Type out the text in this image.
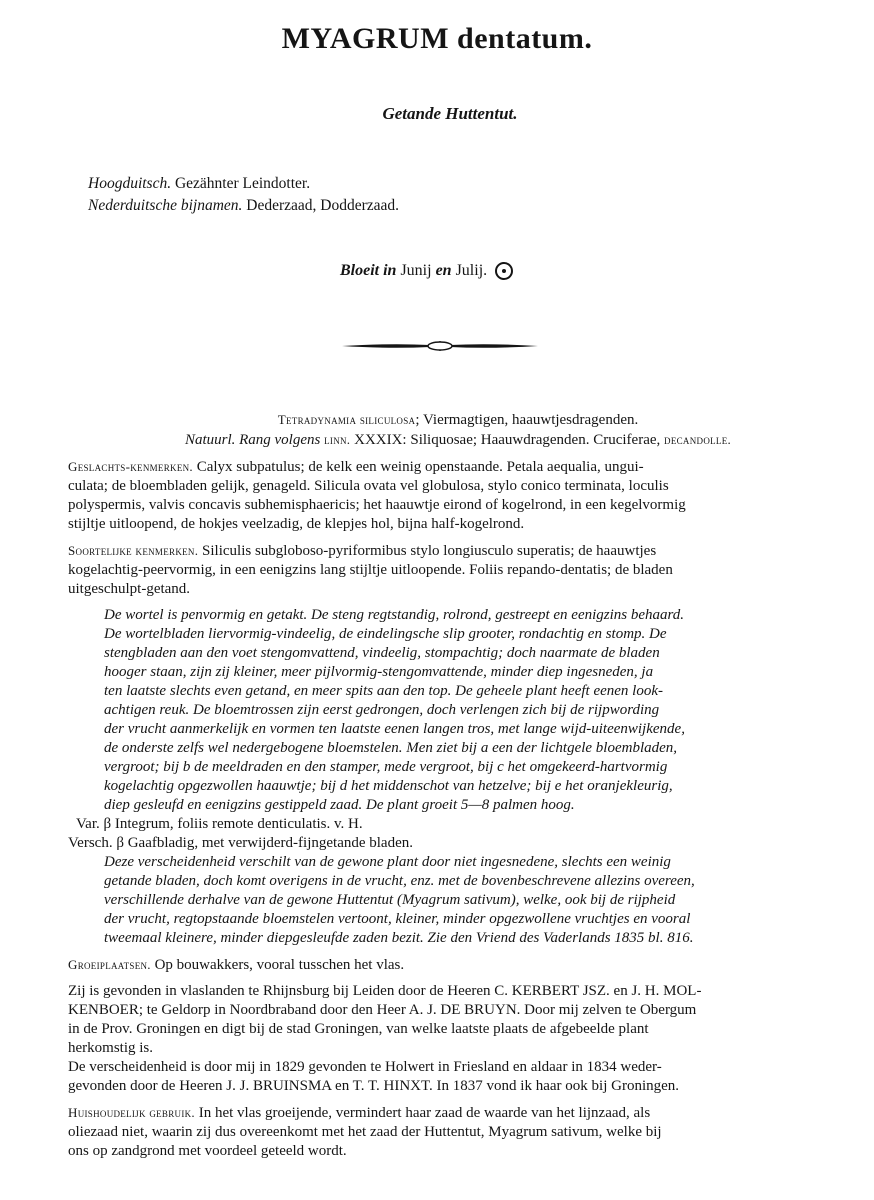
MYAGRUM dentatum.
Getande Huttentut.
Hoogduitsch. Gezähnter Leindotter.
Nederduitsche bijnamen. Dederzaad, Dodderzaad.
Bloeit in Junij en Julij.

Tetradynamia siliculosa; Viermagtigen, haauwtjesdragenden.

Natuurl. Rang volgens linn. XXXIX: Siliquosae; Haauwdragenden. Cruciferae, decandolle.

Geslachts-kenmerken. Calyx subpatulus; de kelk een weinig openstaande. Petala aequalia, ungui-
culata; de bloembladen gelijk, genageld. Silicula ovata vel globulosa, stylo conico terminata, loculis
polyspermis, valvis concavis subhemisphaericis; het haauwtje eirond of kogelrond, in een kegelvormig
stijltje uitloopend, de hokjes veelzadig, de klepjes hol, bijna half-kogelrond.

Soortelijke kenmerken. Siliculis subgloboso-pyriformibus stylo longiusculo superatis; de haauwtjes
kogelachtig-peervormig, in een eenigzins lang stijltje uitloopende. Foliis repando-dentatis; de bladen
uitgeschulpt-getand.

De wortel is penvormig en getakt. De steng regtstandig, rolrond, gestreept en eenigzins behaard.
De wortelbladen liervormig-vindeelig, de eindelingsche slip grooter, rondachtig en stomp. De
stengbladen aan den voet stengomvattend, vindeelig, stompachtig; doch naarmate de bladen
hooger staan, zijn zij kleiner, meer pijlvormig-stengomvattende, minder diep ingesneden, ja
ten laatste slechts even getand, en meer spits aan den top. De geheele plant heeft eenen look-
achtigen reuk. De bloemtrossen zijn eerst gedrongen, doch verlengen zich bij de rijpwording
der vrucht aanmerkelijk en vormen ten laatste eenen langen tros, met lange wijd-uiteenwijkende,
de onderste zelfs wel nedergebogene bloemstelen. Men ziet bij a een der lichtgele bloembladen,
vergroot; bij b de meeldraden en den stamper, mede vergroot, bij c het omgekeerd-hartvormig
kogelachtig opgezwollen haauwtje; bij d het middenschot van hetzelve; bij e het oranjekleurig,
diep gesleufd en eenigzins gestippeld zaad. De plant groeit 5—8 palmen hoog.

Var. β Integrum, foliis remote denticulatis. v. H.

Versch. β Gaafbladig, met verwijderd-fijngetande bladen.

Deze verscheidenheid verschilt van de gewone plant door niet ingesnedene, slechts een weinig
getande bladen, doch komt overigens in de vrucht, enz. met de bovenbeschrevene allezins overeen,
verschillende derhalve van de gewone Huttentut (Myagrum sativum), welke, ook bij de rijpheid
der vrucht, regtopstaande bloemstelen vertoont, kleiner, minder opgezwollene vruchtjes en vooral
tweemaal kleinere, minder diepgesleufde zaden bezit. Zie den Vriend des Vaderlands 1835 bl. 816.

Groeiplaatsen. Op bouwakkers, vooral tusschen het vlas.

Zij is gevonden in vlaslanden te Rhijnsburg bij Leiden door de Heeren C. KERBERT JSZ. en J. H. MOL-
KENBOER; te Geldorp in Noordbraband door den Heer A. J. DE BRUYN. Door mij zelven te Obergum
in de Prov. Groningen en digt bij de stad Groningen, van welke laatste plaats de afgebeelde plant
herkomstig is.
De verscheidenheid is door mij in 1829 gevonden te Holwert in Friesland en aldaar in 1834 weder-
gevonden door de Heeren J. J. BRUINSMA en T. T. HINXT. In 1837 vond ik haar ook bij Groningen.

Huishoudelijk gebruik. In het vlas groeijende, vermindert haar zaad de waarde van het lijnzaad, als
oliezaad niet, waarin zij dus overeenkomt met het zaad der Huttentut, Myagrum sativum, welke bij
ons op zandgrond met voordeel geteeld wordt.
